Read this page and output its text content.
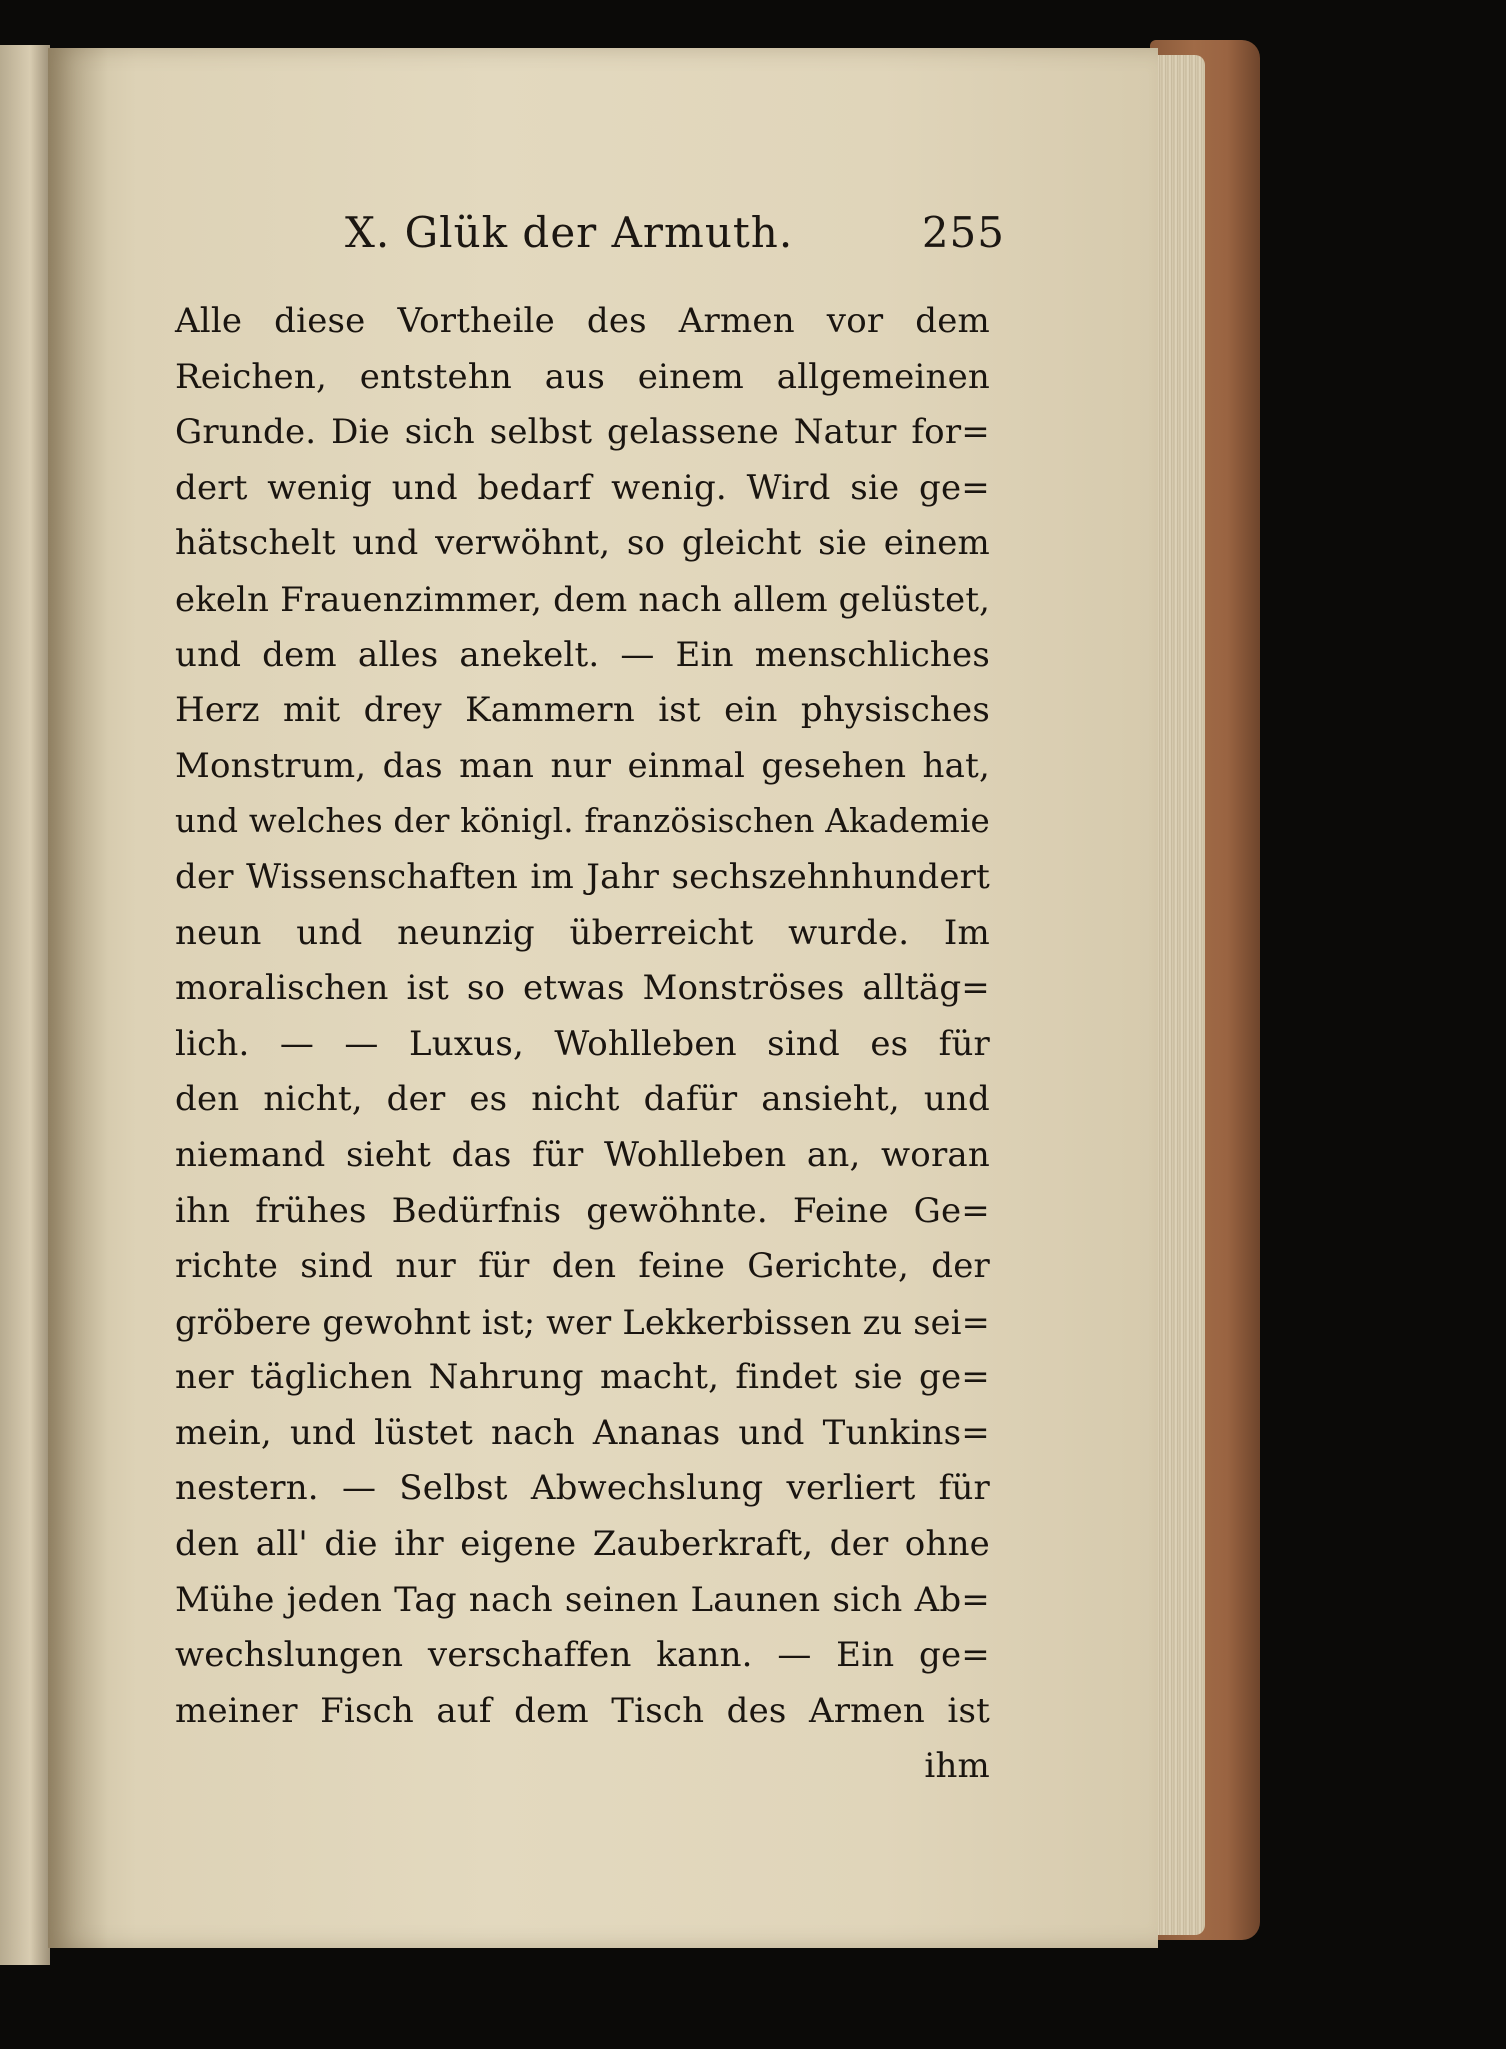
X. Glük der Armuth.	255
Alle diese Vortheile des Armen vor dem
Reichen, entstehn aus einem allgemeinen
Grunde. Die sich selbst gelassene Natur for=
dert wenig und bedarf wenig. Wird sie ge=
hätschelt und verwöhnt, so gleicht sie einem
ekeln Frauenzimmer, dem nach allem gelüstet,
und dem alles anekelt. — Ein menschliches
Herz mit drey Kammern ist ein physisches
Monstrum, das man nur einmal gesehen hat,
und welches der königl. französischen Akademie
der Wissenschaften im Jahr sechszehnhundert
neun und neunzig überreicht wurde. Im
moralischen ist so etwas Monströses alltäg=
lich. — — Luxus, Wohlleben sind es für
den nicht, der es nicht dafür ansieht, und
niemand sieht das für Wohlleben an, woran
ihn frühes Bedürfnis gewöhnte. Feine Ge=
richte sind nur für den feine Gerichte, der
gröbere gewohnt ist; wer Lekkerbissen zu sei=
ner täglichen Nahrung macht, findet sie ge=
mein, und lüstet nach Ananas und Tunkins=
nestern. — Selbst Abwechslung verliert für
den all' die ihr eigene Zauberkraft, der ohne
Mühe jeden Tag nach seinen Launen sich Ab=
wechslungen verschaffen kann. — Ein ge=
meiner Fisch auf dem Tisch des Armen ist
ihm
